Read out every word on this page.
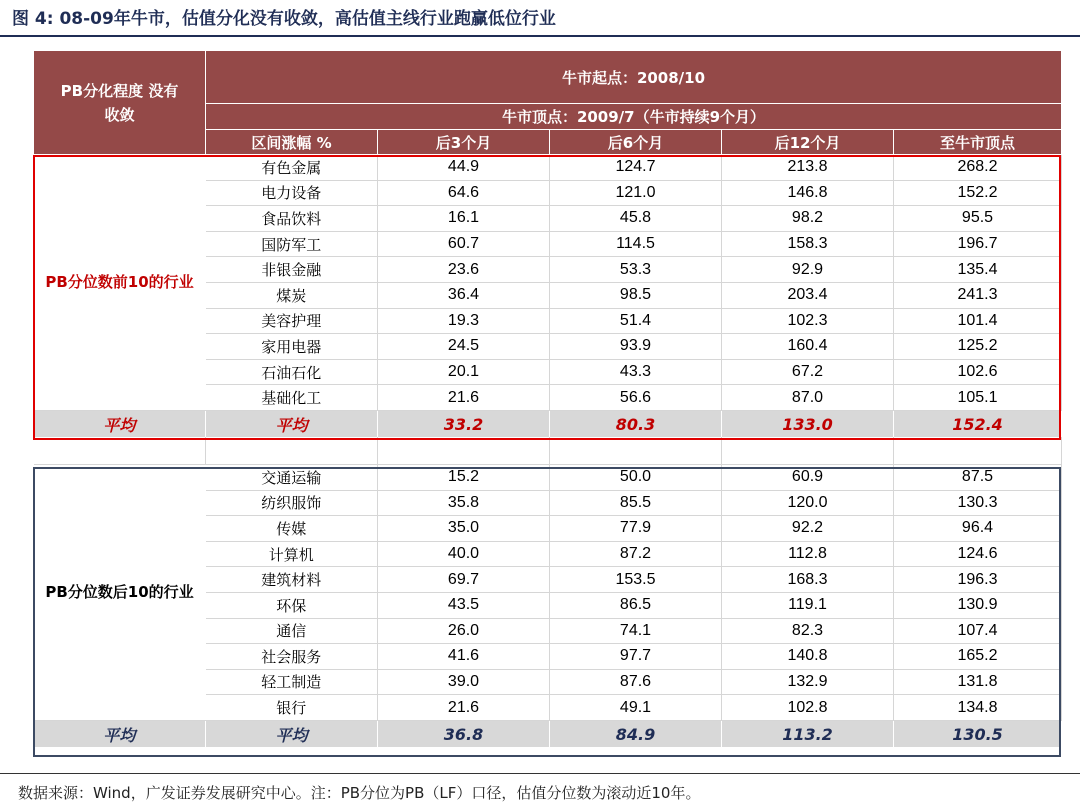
图 4: 08-09年牛市，估值分化没有收敛，高估值主线行业跑赢低位行业
PB分化程度 没有收敛	牛市起点：2008/10				
	牛市顶点：2009/7（牛市持续9个月）				
	区间涨幅 %	后3个月	后6个月	后12个月	至牛市顶点
PB分位数前10的行业	有色金属	44.9	124.7	213.8	268.2
	电力设备	64.6	121.0	146.8	152.2
	食品饮料	16.1	45.8	98.2	95.5
	国防军工	60.7	114.5	158.3	196.7
	非银金融	23.6	53.3	92.9	135.4
	煤炭	36.4	98.5	203.4	241.3
	美容护理	19.3	51.4	102.3	101.4
	家用电器	24.5	93.9	160.4	125.2
	石油石化	20.1	43.3	67.2	102.6
	基础化工	21.6	56.6	87.0	105.1
平均	平均	33.2	80.3	133.0	152.4

PB分位数后10的行业	交通运输	15.2	50.0	60.9	87.5
	纺织服饰	35.8	85.5	120.0	130.3
	传媒	35.0	77.9	92.2	96.4
	计算机	40.0	87.2	112.8	124.6
	建筑材料	69.7	153.5	168.3	196.3
	环保	43.5	86.5	119.1	130.9
	通信	26.0	74.1	82.3	107.4
	社会服务	41.6	97.7	140.8	165.2
	轻工制造	39.0	87.6	132.9	131.8
	银行	21.6	49.1	102.8	134.8
平均	平均	36.8	84.9	113.2	130.5
数据来源：Wind，广发证券发展研究中心。注：PB分位为PB（LF）口径，估值分位数为滚动近10年。
